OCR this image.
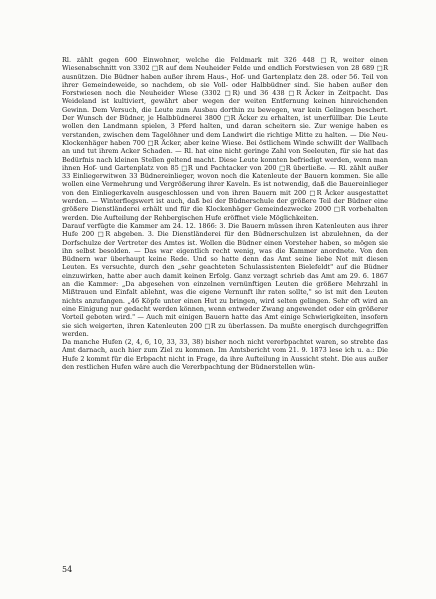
Rl. zählt gegen 600 Einwohner, welche die Feldmark mit 326 448 □R, weiter einen Wiesenabschnitt von 3302 □R auf dem Neuheider Felde und endlich Forstwiesen von 28 689 □R ausnützen. Die Büdner haben außer ihrem Haus-, Hof- und Gartenplatz den 28. oder 56. Teil von ihrer Gemeindeweide, so nachdem, ob sie Voll- oder Halbbüdner sind. Sie haben außer den Forstwiesen noch die Neuheider Wiese (3302 □R) und 36 438 □R Äcker in Zeitpacht. Das Weideland ist kultiviert, gewährt aber wegen der weiten Entfernung keinen hinreichenden Gewinn. Dem Versuch, die Leute zum Ausbau dorthin zu bewegen, war kein Gelingen beschert. Der Wunsch der Büdner, je Halbbüdnerei 3800 □R Äcker zu erhalten, ist unerfüllbar. Die Leute wollen den Landmann spielen, 3 Pferd halten, und daran scheitern sie. Zur wenige haben es verstanden, zwischen dem Tagelöhner und dem Landwirt die richtige Mitte zu halten. — Die Neu-Klockenhäger haben 700 □R Äcker, aber keine Wiese. Bei östlichem Winde schwillt der Wallbach an und tut ihrem Acker Schaden. — Rl. hat eine nicht geringe Zahl von Seeleuten, für sie hat das Bedürfnis nach kleinen Stellen geltend macht. Diese Leute konnten befriedigt werden, wenn man ihnen Hof- und Gartenplatz von 85 □R und Pachtacker von 200 □R überließe. — Rl. zählt außer 33 Einliegerwitwen 33 Büdnereinlieger, wovon noch die Katenleute der Bauern kommen. Sie alle wollen eine Vermehrung und Vergrößerung ihrer Kaveln. Es ist notwendig, daß die Bauereinlieger von den Einliegerkaveln ausgeschlossen und von ihren Bauern mit 200 □R Äcker ausgestattet werden. — Winterflegswert ist auch, daß bei der Büdnerschule der größere Teil der Büdner eine größere Dienstländerei erhält und für die Klockenhäger Gemeindezwecke 2000 □R vorbehalten werden. Die Aufteilung der Rehbergischen Hufe eröffnet viele Möglichkeiten.

Darauf verfügte die Kammer am 24. 12. 1866: 3. Die Bauern müssen ihren Katenleuten aus ihrer Hufe 200 □R abgeben. 3. Die Dienstländerei für den Büdnerschulzen ist abzulehnen, da der Dorfschulze der Vertreter des Amtes ist. Wollen die Büdner einen Vorsteher haben, so mögen sie ihn selbst besolden. — Das war eigentlich recht wenig, was die Kammer anordnete. Von den Büdnern war überhaupt keine Rede. Und so hatte denn das Amt seine liebe Not mit diesen Leuten. Es versuchte, durch den „sehr geachteten Schulassistenten Bielefeldt" auf die Büdner einzuwirken, hatte aber auch damit keinen Erfolg. Ganz verzagt schrieb das Amt am 29. 6. 1867 an die Kammer: „Da abgesehen von einzelnen vernünftigen Leuten die größere Mehrzahl in Mißtrauen und Einfalt ablehnt, was die eigene Vernunft ihr raten sollte," so ist mit den Leuten nichts anzufangen. „46 Köpfe unter einen Hut zu bringen, wird selten gelingen. Sehr oft wird an eine Einigung nur gedacht werden können, wenn entweder Zwang angewendet oder ein größerer Vorteil geboten wird." — Auch mit einigen Bauern hatte das Amt einige Schwierigkeiten, insofern sie sich weigerten, ihren Katenleuten 200 □R zu überlassen. Da mußte energisch durchgegriffen werden.

Da manche Hufen (2, 4, 6, 10, 33, 33, 38) bisher noch nicht vererbpachtet waren, so strebte das Amt darnach, auch hier zum Ziel zu kommen. Im Amtsbericht vom 21. 9. 1873 lese ich u. a.: Die Hufe 2 kommt für die Erbpacht nicht in Frage, da ihre Aufteilung in Aussicht steht. Die aus außer den restlichen Hufen wäre auch die Vererbpachtung der Büdnerstellen wün-

54
